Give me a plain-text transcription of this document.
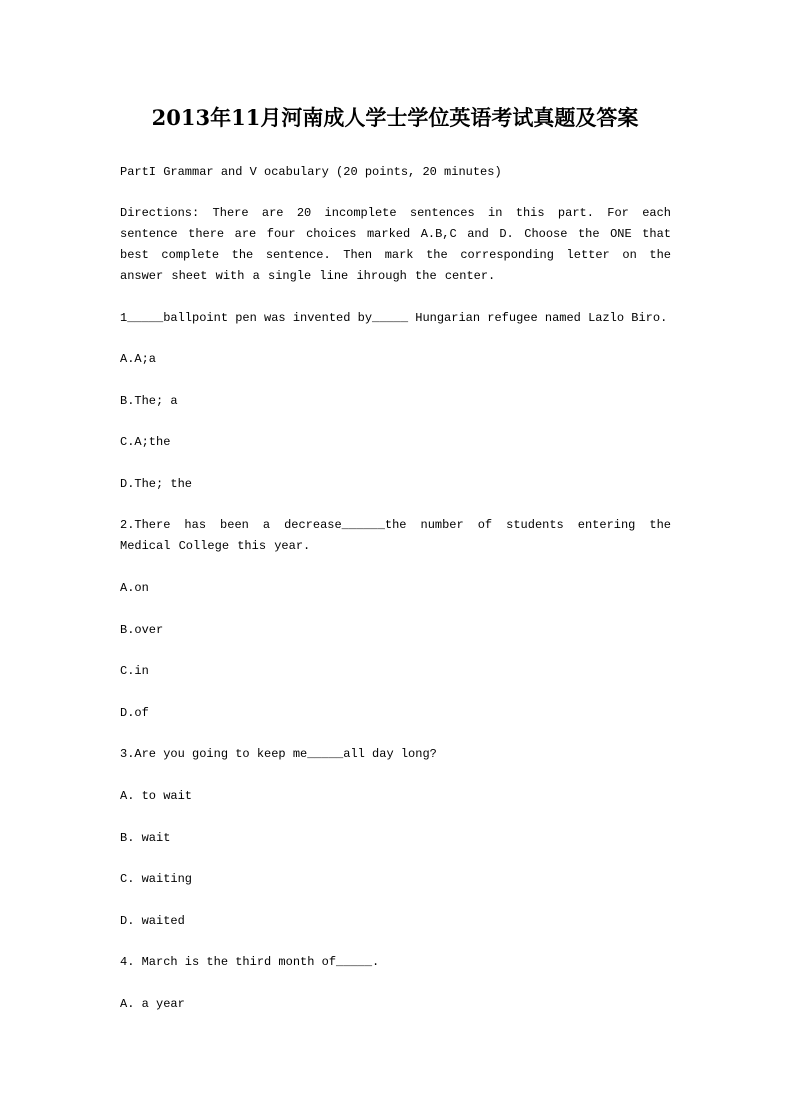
2013年11月河南成人学士学位英语考试真题及答案
PartI Grammar and V ocabulary (20 points, 20 minutes)
Directions: There are 20 incomplete sentences in this part. For each sentence there are four choices marked A.B,C and D. Choose the ONE that best complete the sentence. Then mark the corresponding letter on the answer sheet with a single line ihrough the center.
1_____ballpoint pen was invented by_____ Hungarian refugee named Lazlo Biro.
A.A;a
B.The; a
C.A;the
D.The; the
2.There has been a decrease______the number of students entering the Medical College this year.
A.on
B.over
C.in
D.of
3.Are you going to keep me_____all day long?
A. to wait
B. wait
C. waiting
D. waited
4. March is the third month of_____.
A. a year
